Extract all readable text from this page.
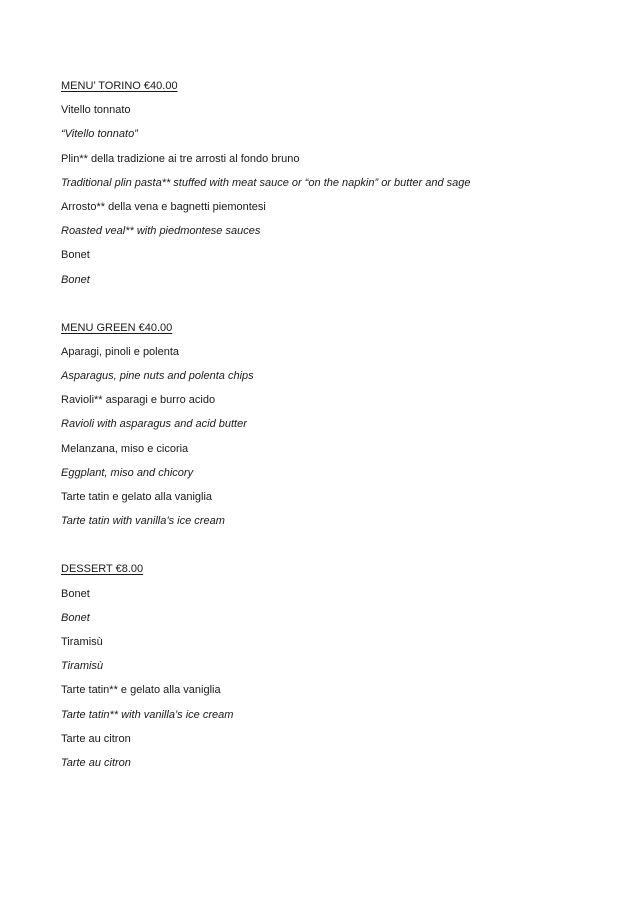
MENU’ TORINO €40.00
Vitello tonnato
“Vitello tonnato”
Plin** della tradizione ai tre arrosti al fondo bruno
Traditional plin pasta** stuffed with meat sauce or “on the napkin” or butter and sage
Arrosto** della vena e bagnetti piemontesi
Roasted veal** with piedmontese sauces
Bonet
Bonet
MENU GREEN €40.00
Aparagi, pinoli e polenta
Asparagus, pine nuts and polenta chips
Ravioli** asparagi e burro acido
Ravioli with asparagus and acid butter
Melanzana, miso e cicoria
Eggplant, miso and chicory
Tarte tatin e gelato alla vaniglia
Tarte tatin with vanilla’s ice cream
DESSERT €8.00
Bonet
Bonet
Tiramisù
Tiramisù
Tarte tatin** e gelato alla vaniglia
Tarte tatin** with vanilla’s ice cream
Tarte au citron
Tarte au citron
